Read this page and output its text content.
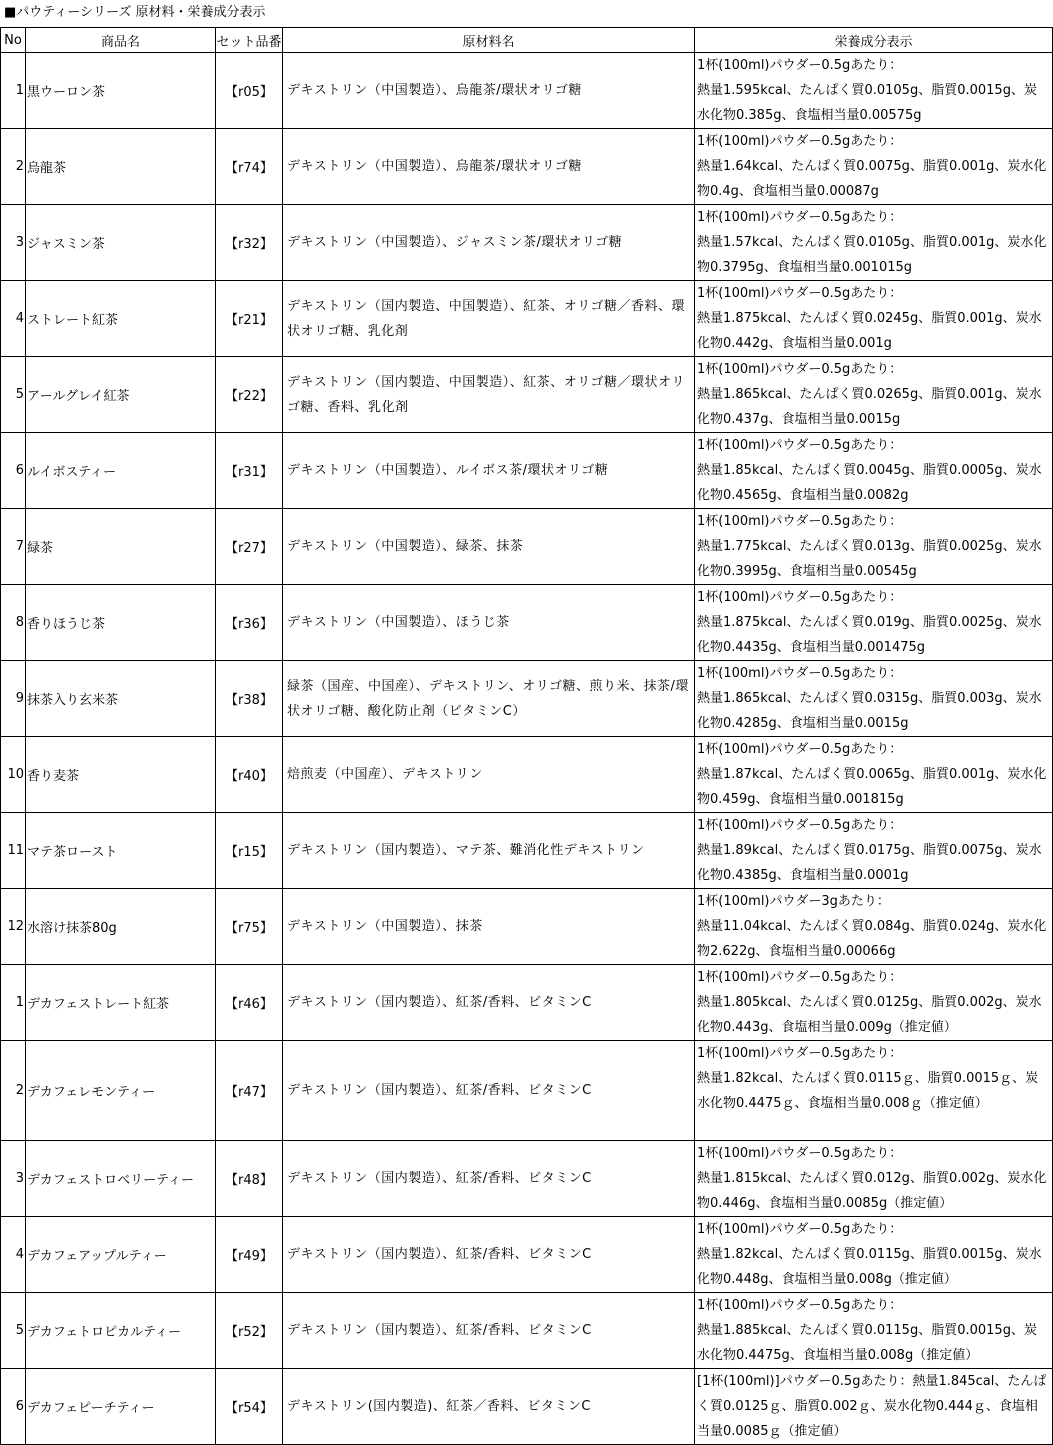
■パウティーシリーズ 原材料・栄養成分表示
No	商品名	セット品番	原材料名	栄養成分表示
1	黒ウーロン茶	【r05】	デキストリン（中国製造）、烏龍茶/環状オリゴ糖	1杯(100ml)パウダー0.5gあたり：
熱量1.595kcal、たんぱく質0.0105g、脂質0.0015g、炭水化物0.385g、食塩相当量0.00575g
2	烏龍茶	【r74】	デキストリン（中国製造）、烏龍茶/環状オリゴ糖	1杯(100ml)パウダー0.5gあたり：
熱量1.64kcal、たんぱく質0.0075g、脂質0.001g、炭水化物0.4g、食塩相当量0.00087g
3	ジャスミン茶	【r32】	デキストリン（中国製造）、ジャスミン茶/環状オリゴ糖	1杯(100ml)パウダー0.5gあたり：
熱量1.57kcal、たんぱく質0.0105g、脂質0.001g、炭水化物0.3795g、食塩相当量0.001015g
4	ストレート紅茶	【r21】	デキストリン（国内製造、中国製造）、紅茶、オリゴ糖／香料、環状オリゴ糖、乳化剤	1杯(100ml)パウダー0.5gあたり：
熱量1.875kcal、たんぱく質0.0245g、脂質0.001g、炭水化物0.442g、食塩相当量0.001g
5	アールグレイ紅茶	【r22】	デキストリン（国内製造、中国製造）、紅茶、オリゴ糖／環状オリゴ糖、香料、乳化剤	1杯(100ml)パウダー0.5gあたり：
熱量1.865kcal、たんぱく質0.0265g、脂質0.001g、炭水化物0.437g、食塩相当量0.0015g
6	ルイボスティー	【r31】	デキストリン（中国製造）、ルイボス茶/環状オリゴ糖	1杯(100ml)パウダー0.5gあたり：
熱量1.85kcal、たんぱく質0.0045g、脂質0.0005g、炭水化物0.4565g、食塩相当量0.0082g
7	緑茶	【r27】	デキストリン（中国製造）、緑茶、抹茶	1杯(100ml)パウダー0.5gあたり：
熱量1.775kcal、たんぱく質0.013g、脂質0.0025g、炭水化物0.3995g、食塩相当量0.00545g
8	香りほうじ茶	【r36】	デキストリン（中国製造）、ほうじ茶	1杯(100ml)パウダー0.5gあたり：
熱量1.875kcal、たんぱく質0.019g、脂質0.0025g、炭水化物0.4435g、食塩相当量0.001475g
9	抹茶入り玄米茶	【r38】	緑茶（国産、中国産）、デキストリン、オリゴ糖、煎り米、抹茶/環状オリゴ糖、酸化防止剤（ビタミンC）	1杯(100ml)パウダー0.5gあたり：
熱量1.865kcal、たんぱく質0.0315g、脂質0.003g、炭水化物0.4285g、食塩相当量0.0015g
10	香り麦茶	【r40】	焙煎麦（中国産）、デキストリン	1杯(100ml)パウダー0.5gあたり：
熱量1.87kcal、たんぱく質0.0065g、脂質0.001g、炭水化物0.459g、食塩相当量0.001815g
11	マテ茶ロースト	【r15】	デキストリン（国内製造）、マテ茶、難消化性デキストリン	1杯(100ml)パウダー0.5gあたり：
熱量1.89kcal、たんぱく質0.0175g、脂質0.0075g、炭水化物0.4385g、食塩相当量0.0001g
12	水溶け抹茶80g	【r75】	デキストリン（中国製造）、抹茶	1杯(100ml)パウダー3gあたり：
熱量11.04kcal、たんぱく質0.084g、脂質0.024g、炭水化物2.622g、食塩相当量0.00066g
1	デカフェストレート紅茶	【r46】	デキストリン（国内製造）、紅茶/香料、ビタミンC	1杯(100ml)パウダー0.5gあたり：
熱量1.805kcal、たんぱく質0.0125g、脂質0.002g、炭水化物0.443g、食塩相当量0.009g（推定値）
2	デカフェレモンティー	【r47】	デキストリン（国内製造）、紅茶/香料、ビタミンC	1杯(100ml)パウダー0.5gあたり：
熱量1.82kcal、たんぱく質0.0115ｇ、脂質0.0015ｇ、炭水化物0.4475ｇ、食塩相当量0.008ｇ（推定値）
3	デカフェストロベリーティー	【r48】	デキストリン（国内製造）、紅茶/香料、ビタミンC	1杯(100ml)パウダー0.5gあたり：
熱量1.815kcal、たんぱく質0.012g、脂質0.002g、炭水化物0.446g、食塩相当量0.0085g（推定値）
4	デカフェアップルティー	【r49】	デキストリン（国内製造）、紅茶/香料、ビタミンC	1杯(100ml)パウダー0.5gあたり：
熱量1.82kcal、たんぱく質0.0115g、脂質0.0015g、炭水化物0.448g、食塩相当量0.008g（推定値）
5	デカフェトロピカルティー	【r52】	デキストリン（国内製造）、紅茶/香料、ビタミンC	1杯(100ml)パウダー0.5gあたり：
熱量1.885kcal、たんぱく質0.0115g、脂質0.0015g、炭水化物0.4475g、食塩相当量0.008g（推定値）
6	デカフェピーチティー	【r54】	デキストリン(国内製造)、紅茶／香料、ビタミンC	[1杯(100ml)]パウダー0.5gあたり：熱量1.845cal、たんぱく質0.0125ｇ、脂質0.002ｇ、炭水化物0.444ｇ、食塩相当量0.0085ｇ（推定値）
